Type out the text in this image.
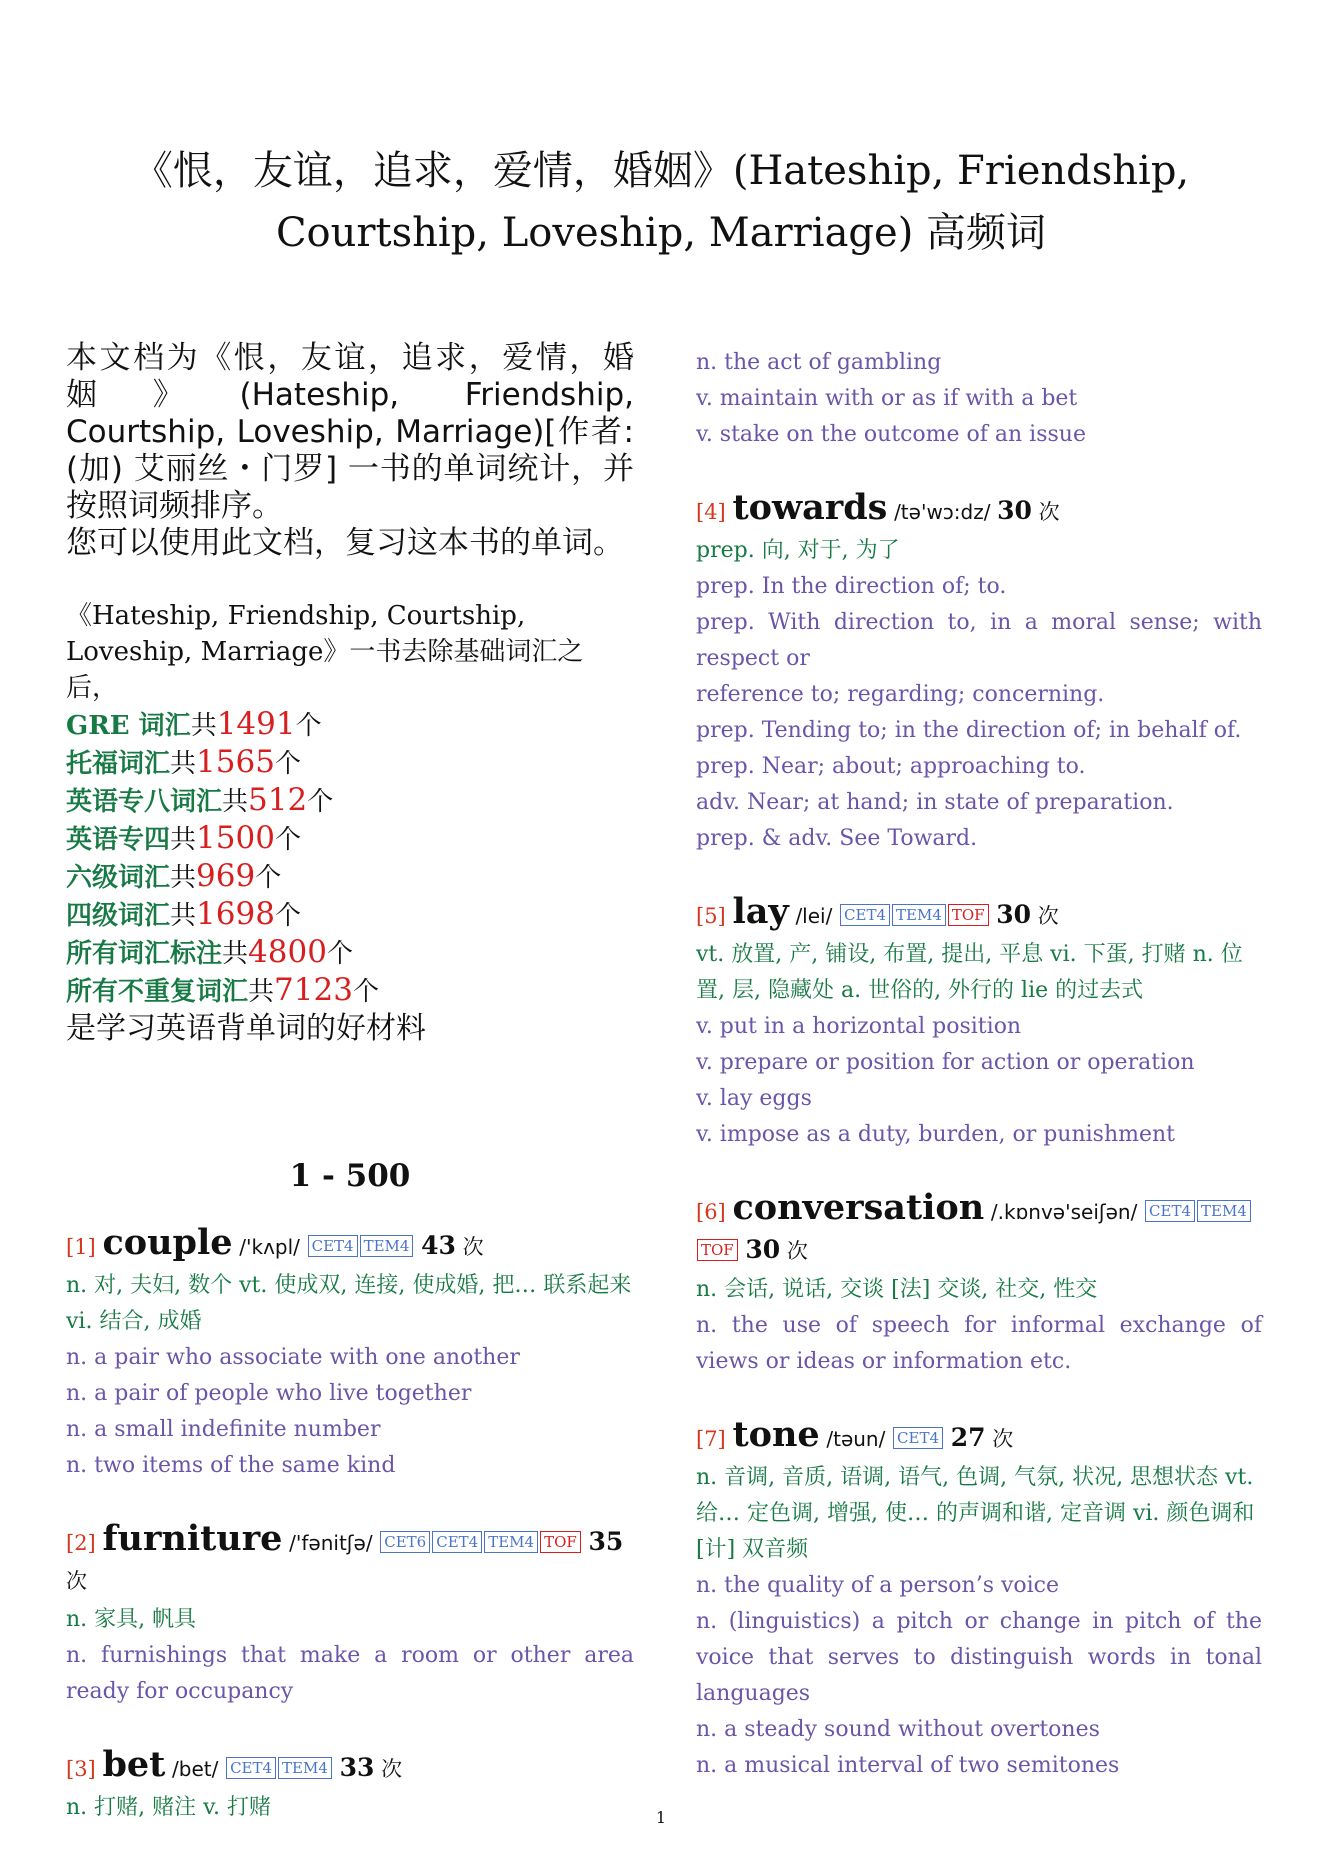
《恨，友谊，追求，爱情，婚姻》(Hateship, Friendship, Courtship, Loveship, Marriage) 高频词

本文档为《恨，友谊，追求，爱情，婚姻》(Hateship, Friendship, Courtship, Loveship, Marriage)[作者: (加) 艾丽丝・门罗] 一书的单词统计，并按照词频排序。

您可以使用此文档，复习这本书的单词。

《Hateship, Friendship, Courtship, Loveship, Marriage》一书去除基础词汇之后，

GRE 词汇共1491个

托福词汇共1565个

英语专八词汇共512个

英语专四共1500个

六级词汇共969个

四级词汇共1698个

所有词汇标注共4800个

所有不重复词汇共7123个

是学习英语背单词的好材料

1 - 500

[1] couple /'kʌpl/ CET4 TEM4 43 次

n. 对, 夫妇, 数个 vt. 使成双, 连接, 使成婚, 把… 联系起来 vi. 结合, 成婚

n. a pair who associate with one another

n. a pair of people who live together

n. a small indefinite number

n. two items of the same kind

[2] furniture /'fənitʃə/ CET6 CET4 TEM4 TOF 35 次

n. 家具, 帆具

n. furnishings that make a room or other area ready for occupancy

[3] bet /bet/ CET4 TEM4 33 次

n. 打赌, 赌注 v. 打赌

n. the act of gambling

v. maintain with or as if with a bet

v. stake on the outcome of an issue

[4] towards /tə'wɔ:dz/ 30 次

prep. 向, 对于, 为了

prep. In the direction of; to.

prep. With direction to, in a moral sense; with respect or

reference to; regarding; concerning.

prep. Tending to; in the direction of; in behalf of.

prep. Near; about; approaching to.

adv. Near; at hand; in state of preparation.

prep. & adv. See Toward.

[5] lay /lei/ CET4 TEM4 TOF 30 次

vt. 放置, 产, 铺设, 布置, 提出, 平息 vi. 下蛋, 打赌 n. 位置, 层, 隐藏处 a. 世俗的, 外行的 lie 的过去式

v. put in a horizontal position

v. prepare or position for action or operation

v. lay eggs

v. impose as a duty, burden, or punishment

[6] conversation /.kɒnvə'seiʃən/ CET4 TEM4TOF 30 次

n. 会话, 说话, 交谈 [法] 交谈, 社交, 性交

n. the use of speech for informal exchange of views or ideas or information etc.

[7] tone /təun/ CET4 27 次

n. 音调, 音质, 语调, 语气, 色调, 气氛, 状况, 思想状态 vt. 给… 定色调, 增强, 使… 的声调和谐, 定音调 vi. 颜色调和 [计] 双音频

n. the quality of a person’s voice

n. (linguistics) a pitch or change in pitch of the voice that serves to distinguish words in tonal languages

n. a steady sound without overtones

n. a musical interval of two semitones

1
